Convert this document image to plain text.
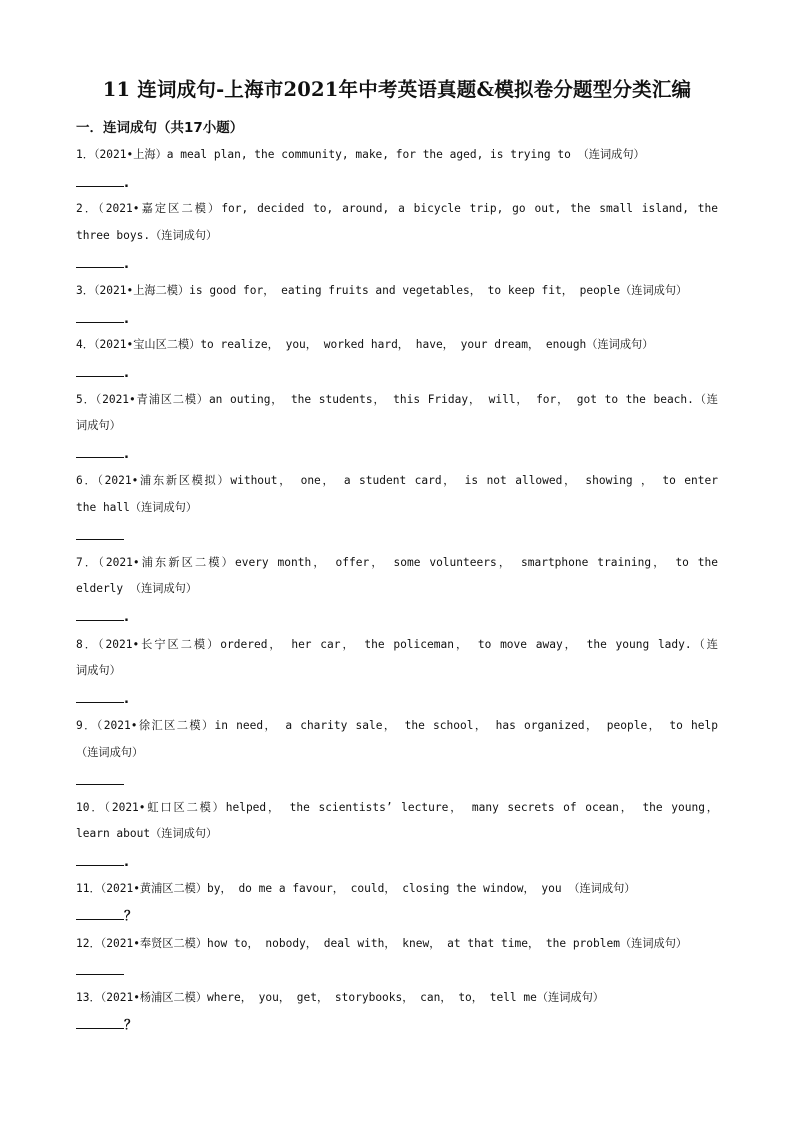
11 连词成句-上海市2021年中考英语真题&模拟卷分题型分类汇编
一．连词成句（共17小题）
1．（2021•上海）a meal plan, the community, make, for the aged, is trying to （连词成句）
.
2．（2021•嘉定区二模）for, decided to, around, a bicycle trip, go out, the small island, the
three boys.（连词成句）
.
3．（2021•上海二模）is good for， eating fruits and vegetables， to keep fit， people（连词成句）
.
4．（2021•宝山区二模）to realize， you， worked hard， have， your dream， enough（连词成句）
.
5．（2021•青浦区二模）an outing， the students， this Friday， will， for， got to the beach.（连
词成句）
.
6．（2021•浦东新区模拟）without， one， a student card， is not allowed， showing ， to enter
the hall（连词成句）
7．（2021•浦东新区二模）every month， offer， some volunteers， smartphone training， to the
elderly （连词成句）
.
8．（2021•长宁区二模）ordered， her car， the policeman， to move away， the young lady.（连
词成句）
.
9．（2021•徐汇区二模）in need， a charity sale， the school， has organized， people， to help
（连词成句）
10．（2021•虹口区二模）helped， the scientists’ lecture， many secrets of ocean， the young，
learn about（连词成句）
.
11．（2021•黄浦区二模）by， do me a favour， could， closing the window， you （连词成句）
？
12．（2021•奉贤区二模）how to， nobody， deal with， knew， at that time， the problem（连词成句）
13．（2021•杨浦区二模）where， you， get， storybooks， can， to， tell me（连词成句）
？
